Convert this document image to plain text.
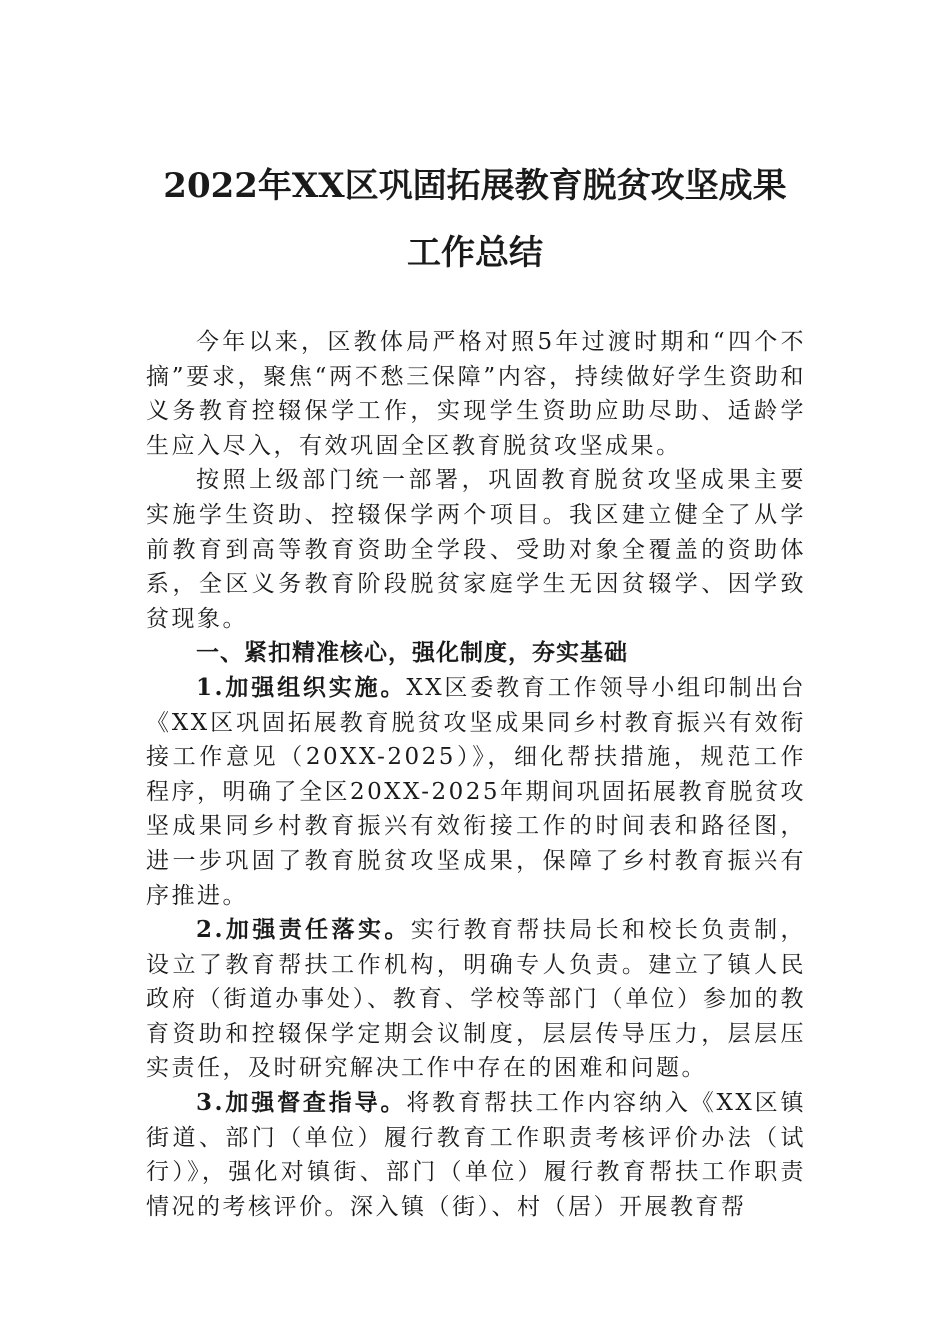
2022年XX区巩固拓展教育脱贫攻坚成果
工作总结

今年以来，区教体局严格对照5年过渡时期和“四个不摘”要求，聚焦“两不愁三保障”内容，持续做好学生资助和义务教育控辍保学工作，实现学生资助应助尽助、适龄学生应入尽入，有效巩固全区教育脱贫攻坚成果。

按照上级部门统一部署，巩固教育脱贫攻坚成果主要实施学生资助、控辍保学两个项目。我区建立健全了从学前教育到高等教育资助全学段、受助对象全覆盖的资助体系，全区义务教育阶段脱贫家庭学生无因贫辍学、因学致贫现象。

一、紧扣精准核心，强化制度，夯实基础

1.加强组织实施。XX区委教育工作领导小组印制出台《XX区巩固拓展教育脱贫攻坚成果同乡村教育振兴有效衔接工作意见（20XX-2025）》，细化帮扶措施，规范工作程序，明确了全区20XX-2025年期间巩固拓展教育脱贫攻坚成果同乡村教育振兴有效衔接工作的时间表和路径图，进一步巩固了教育脱贫攻坚成果，保障了乡村教育振兴有序推进。

2.加强责任落实。实行教育帮扶局长和校长负责制，设立了教育帮扶工作机构，明确专人负责。建立了镇人民政府（街道办事处）、教育、学校等部门（单位）参加的教育资助和控辍保学定期会议制度，层层传导压力，层层压实责任，及时研究解决工作中存在的困难和问题。

3.加强督查指导。将教育帮扶工作内容纳入《XX区镇街道、部门（单位）履行教育工作职责考核评价办法（试行）》，强化对镇街、部门（单位）履行教育帮扶工作职责情况的考核评价。深入镇（街）、村（居）开展教育帮
